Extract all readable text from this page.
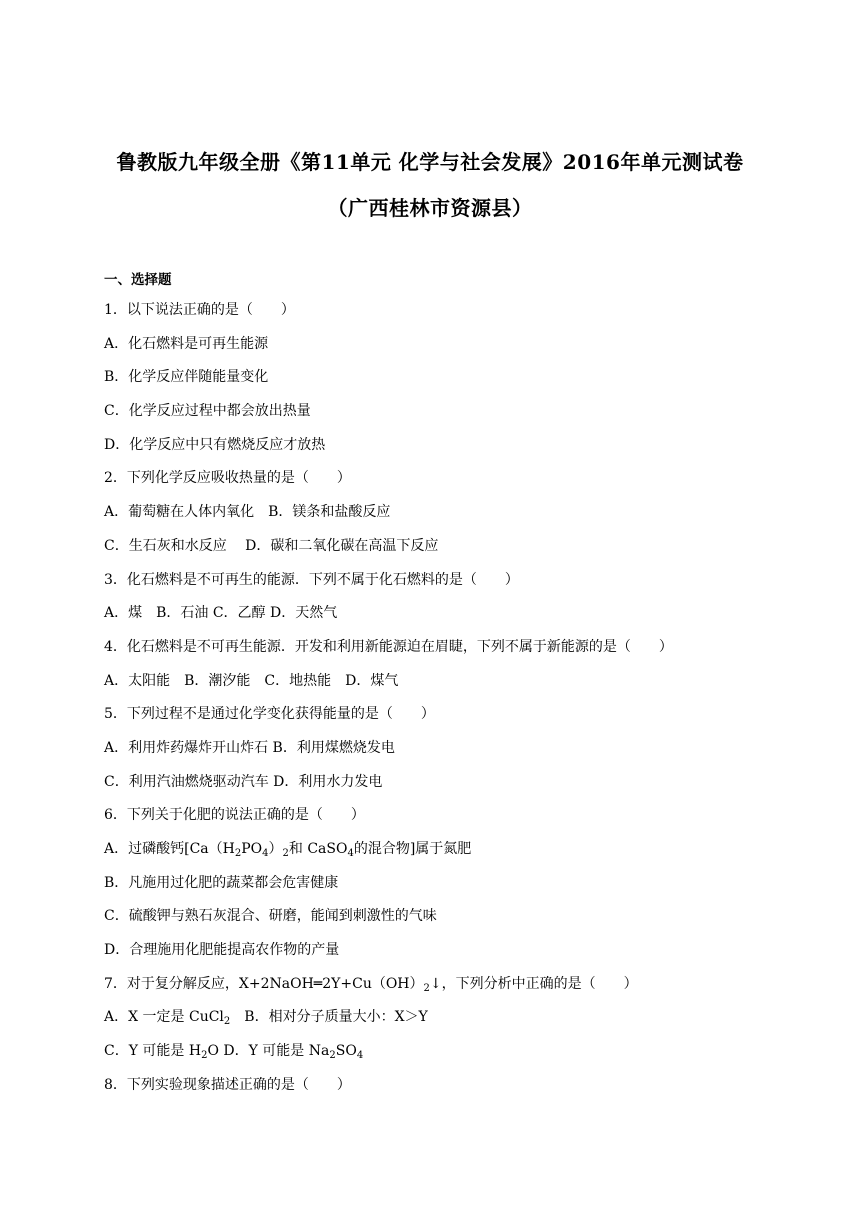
鲁教版九年级全册《第11单元 化学与社会发展》2016年单元测试卷
（广西桂林市资源县）
一、选择题
1．以下说法正确的是（　　）
A．化石燃料是可再生能源
B．化学反应伴随能量变化
C．化学反应过程中都会放出热量
D．化学反应中只有燃烧反应才放热
2．下列化学反应吸收热量的是（　　）
A．葡萄糖在人体内氧化　B．镁条和盐酸反应
C．生石灰和水反应　 D．碳和二氧化碳在高温下反应
3．化石燃料是不可再生的能源．下列不属于化石燃料的是（　　）
A．煤　B．石油 C．乙醇 D．天然气
4．化石燃料是不可再生能源．开发和利用新能源迫在眉睫，下列不属于新能源的是（　　）
A．太阳能　B．潮汐能　C．地热能　D．煤气
5．下列过程不是通过化学变化获得能量的是（　　）
A．利用炸药爆炸开山炸石 B．利用煤燃烧发电
C．利用汽油燃烧驱动汽车 D．利用水力发电
6．下列关于化肥的说法正确的是（　　）
A．过磷酸钙[$Ca(H_2PO_4)_2$和 CaSO$_4$的混合物]属于氮肥
B．凡施用过化肥的蔬菜都会危害健康
C．硫酸钾与熟石灰混合、研磨，能闻到刺激性的气味
D．合理施用化肥能提高农作物的产量
7．对于复分解反应，$X+2NaOH═2Y+Cu(OH)_2↓$，下列分析中正确的是（　　）
A．X 一定是 CuCl$_2$　B．相对分子质量大小：X＞Y
C．Y 可能是 $H_2O$ D．Y 可能是 $Na_2SO_4$
8．下列实验现象描述正确的是（　　）
